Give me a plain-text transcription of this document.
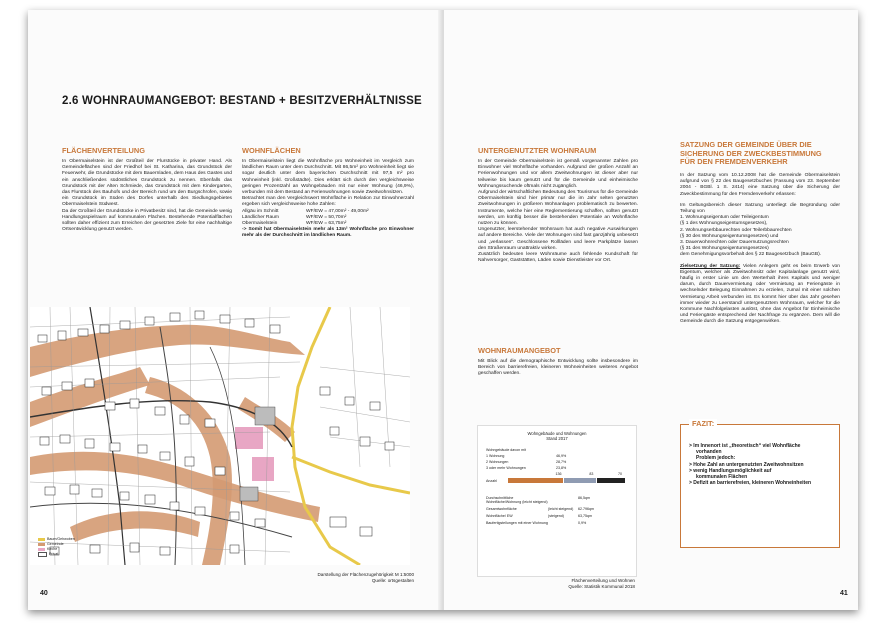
2.6 WOHNRAUMANGEBOT: BESTAND + BESITZVERHÄLTNISSE
FLÄCHENVERTEILUNG

In Obermaiselstein ist der Großteil der Flurstücke in privater Hand. Als Gemeindeflächen sind der Friedhof bei St. Katharina, das Grundstück der Feuerwehr, die Grundstücke mit dem Bauernladen, dem Haus des Gastes und ein anschließendes südöstliches Grundstück zu nennen. Ebenfalls das Grundstück mit der Alten Schmiede, das Grundstück mit dem Kindergarten, das Flurstück des Bauhofs und der Bereich rund um den Burgschrofen, sowie ein Grundstück im Süden des Dorfes unterhalb des Siedlungsgebietes Obermaiselstein Südwest.

Da der Großteil der Grundstücke in Privatbesitz sind, hat die Gemeinde wenig Handlungsspielraum auf kommunalen Flächen. Bestehende Potentialflächen sollten daher effizient zum Erreichen der gesetzten Ziele für eine nachhaltige Ortsentwicklung genutzt werden.

WOHNFLÄCHEN

In Obermaiselstein liegt die Wohnfläche pro Wohneinheit im Vergleich zum ländlichen Raum unter dem Durchschnitt. Mit 86,5m² pro Wohneinheit liegt sie sogar deutlich unter dem bayerischen Durchschnitt mit 97,5 m² pro Wohneinheit (inkl. Großstädte). Dies erklärt sich durch den vergleichsweise geringen Prozentzahl an Wohngebäuden mit nur einer Wohnung (46,9%), verbunden mit dem Bestand an Ferienwohnungen sowie Zweitwohnsitzen.

Betrachtet man den Vergleichswert Wohnfläche in Relation zur Einwohnerzahl ergeben sich vergleichsweise hohe Zahlen:

Allgäu im Schnitt	WF/EW = 47,00m² - 49,00m²
Ländlicher Raum	WF/EW = 50,70m²
Obermaiselstein	WF/EW = 63,75m²

-> Somit hat Obermaiselstein mehr als 13m² Wohnfläche pro Einwohner mehr als der Durchschnitt im ländlichen Raum.

Baum/Gehwoben
Gemeinde
Kirche
Privat
Darstellung der Flächenzugehörigkeit M 1:5000
Quelle: ortsgestalten
40
UNTERGENUTZTER WOHNRAUM

In der Gemeinde Obermaiselstein ist gemäß vorgenannter Zahlen pro Einwohner viel Wohnfläche vorhanden. Aufgrund der großen Anzahl an Ferienwohnungen und vor allem Zweitwohnungen ist dieser aber nur teilweise bis kaum genutzt und für die Gemeinde und einheimische Wohnungssuchende oftmals nicht zugänglich.

Aufgrund der wirtschaftlichen Bedeutung des Tourismus für die Gemeinde Obermaiselstein sind hier primär nur die im Jahr selten genutzten Zweitwohnungen in größeren Wohnanlagen problematisch zu bewerten. Instrumente, welche hier eine Reglementierung schaffen, sollten genutzt werden, um künftig besser die bestehenden Potentiale an Wohnfläche nutzen zu können.

Ungenutzter, leerstehender Wohnraum hat auch negative Auswirkungen auf andere Bereiche. Viele der Wohnungen sind fast ganzjährig unbesetzt und „verlassen“. Geschlossene Rollläden und leere Parkplätze lassen den Straßenraum unattraktiv wirken.

Zusätzlich bedeuten leere Wohnräume auch fehlende Kundschaft für Nahversorger, Gaststätten, Läden sowie Dienstleister vor Ort.

WOHNRAUMANGEBOT

Mit Blick auf die demographische Entwicklung sollte insbesondere im Bereich von barrierefreien, kleineren Wohneinheiten weiteres Angebot geschaffen werden.

Wohngebäude und Wohnungen
Stand 2017
Wohngebäude davon mit
1 Wohnung	46,9%
2 Wohnungen	28,7%
3 oder mehr Wohnungen	23,8%
Anzahl
136	83	70
Durchschnittliche Wohnfläche/Wohnung (leicht steigend)
86,5qm
Gesamtwohnfläche	(leicht steigend)	62.796qm
Wohnfläche/ EW	(steigend)	63,75qm
Baufertigstellungen mit einer Wohnung	0,9%
Flächenverteilung und Wohnen
Quelle: Statistik Kommunal 2018
SATZUNG DER GEMEINDE ÜBER DIE
SICHERUNG DER ZWECKBESTIMMUNG
FÜR DEN FREMDENVERKEHR

In der Satzung vom 10.12.2008 hat die Gemeinde Obermaiselstein aufgrund von § 22 des Baugesetzbuches (Fassung vom 23. September 2004 - BGBl. 1 S. 2414) eine Satzung über die Sicherung der Zweckbestimmung für den Fremdenverkehr erlassen:

Im Geltungsbereich dieser Satzung unterliegt die Begründung oder Teilung von

1. Wohnungseigentum oder Teileigentum

(§ 1 des Wohnungseigentumsgesetzes),

2. Wohnungserbbaurechten oder Teilerbbaurechten

(§ 30 des Wohnungseigentumsgesetzes) und

3. Dauerwohnrechten oder Dauernutzungsrechten

(§ 31 des Wohnungseigentumsgesetzes)

dem Genehmigungsvorbehalt des § 22 Baugesetzbuch (BauGB).

Zielsetzung der Satzung: Vielen Anlegern geht es beim Erwerb von Eigentum, welcher als Zweitwohnsitz oder Kapitalanlage genutzt wird, häufig in erster Linie um den Werterhalt ihres Kapitals und weniger darum, durch Dauervermietung oder Vermietung an Feriengäste in wechselnder Belegung Einnahmen zu erzielen, zumal mit einer solchen Vermietung Arbeit verbunden ist. Es kommt hier über das Jahr gesehen immer wieder zu Leerstand/ untergenutztem Wohnraum, welcher für die Kommune Nachfolgelasten auslöst, ohne das Angebot für Einheimische und Feriengäste entsprechend der Nachfrage zu ergänzen. Dem will die Gemeinde durch die Satzung entgegenwirken.

FAZIT:
> Im Innenort ist „theoretisch“ viel Wohnfläche
vorhanden
Problem jedoch:
> Hohe Zahl an untergenutzten Zweitwohnsitzen
> wenig Handlungsmöglichkeit auf
kommunalen Flächen
> Defizit an barrierefreien, kleineren Wohneinheiten
41
